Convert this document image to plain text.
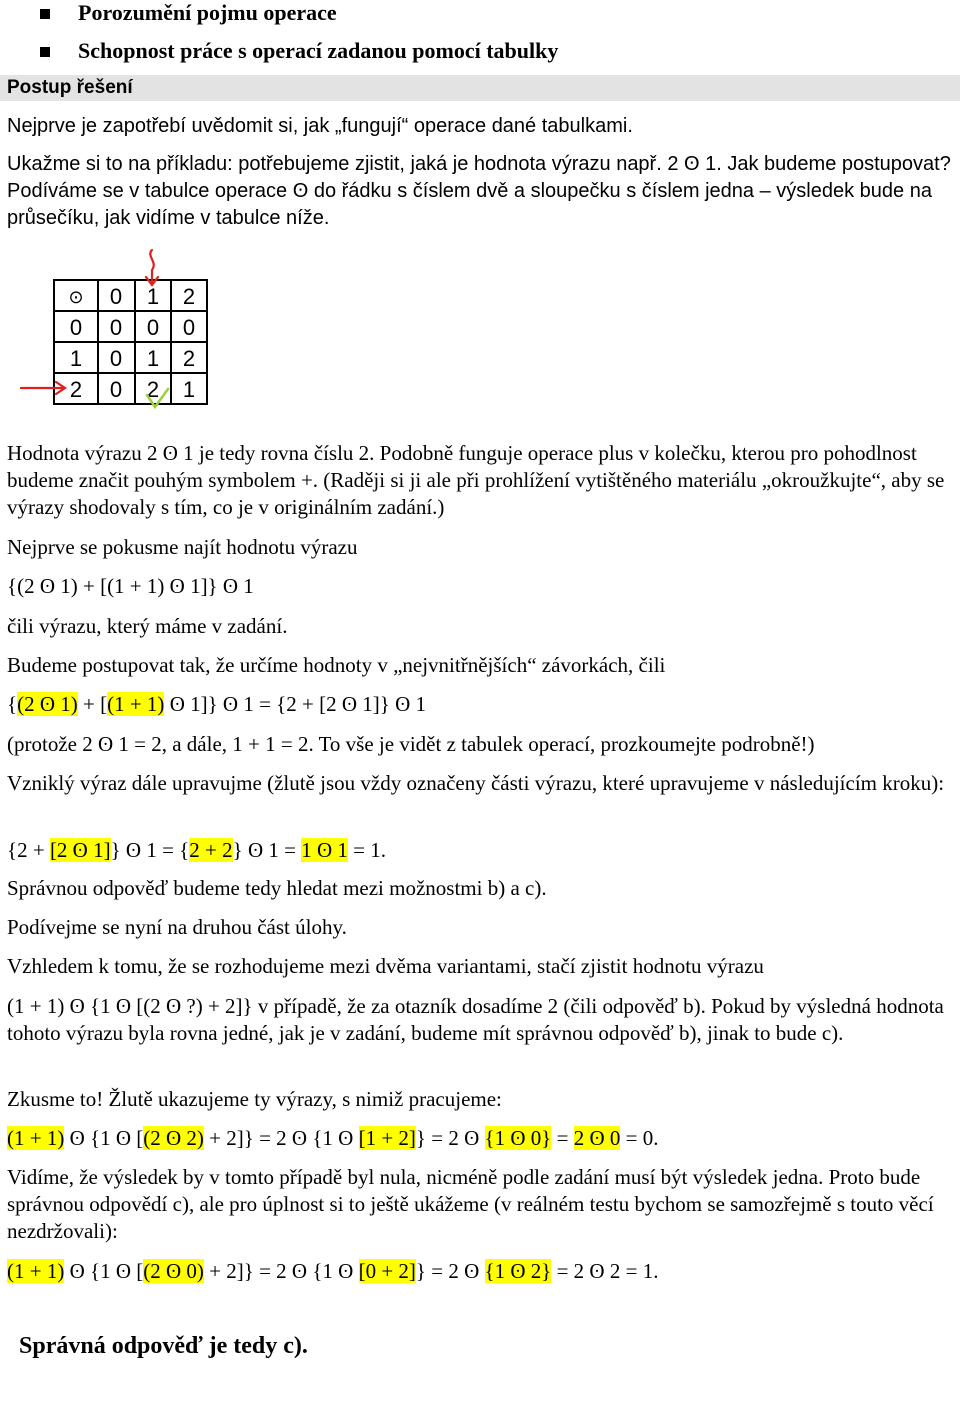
Porozumění pojmu operace
Schopnost práce s operací zadanou pomocí tabulky
Postup řešení
Nejprve je zapotřebí uvědomit si, jak „fungují“ operace dané tabulkami.
Ukažme si to na příkladu: potřebujeme zjistit, jaká je hodnota výrazu např. 2 ʘ 1. Jak budeme postupovat? Podíváme se v tabulce operace ʘ do řádku s číslem dvě a sloupečku s číslem jedna – výsledek bude na průsečíku, jak vidíme v tabulce níže.
⊙ 0 1 2
0 0 0 0
1 0 1 2
2 0 2 1
Hodnota výrazu 2 ʘ 1 je tedy rovna číslu 2. Podobně funguje operace plus v kolečku, kterou pro pohodlnost budeme značit pouhým symbolem +. (Raději si ji ale při prohlížení vytištěného materiálu „okroužkujte“, aby se výrazy shodovaly s tím, co je v originálním zadání.)
Nejprve se pokusme najít hodnotu výrazu
{(2 ʘ 1) + [(1 + 1) ʘ 1]} ʘ 1
čili výrazu, který máme v zadání.
Budeme postupovat tak, že určíme hodnoty v „nejvnitřnějších“ závorkách, čili
{(2 ʘ 1) + [(1 + 1) ʘ 1]} ʘ 1 = {2 + [2 ʘ 1]} ʘ 1
(protože 2 ʘ 1 = 2, a dále, 1 + 1 = 2. To vše je vidět z tabulek operací, prozkoumejte podrobně!)
Vzniklý výraz dále upravujme (žlutě jsou vždy označeny části výrazu, které upravujeme v následujícím kroku):
{2 + [2 ʘ 1]} ʘ 1 = {2 + 2} ʘ 1 = 1 ʘ 1 = 1.
Správnou odpověď budeme tedy hledat mezi možnostmi b) a c).
Podívejme se nyní na druhou část úlohy.
Vzhledem k tomu, že se rozhodujeme mezi dvěma variantami, stačí zjistit hodnotu výrazu
(1 + 1) ʘ {1 ʘ [(2 ʘ ?) + 2]} v případě, že za otazník dosadíme 2 (čili odpověď b). Pokud by výsledná hodnota tohoto výrazu byla rovna jedné, jak je v zadání, budeme mít správnou odpověď b), jinak to bude c).
Zkusme to! Žlutě ukazujeme ty výrazy, s nimiž pracujeme:
(1 + 1) ʘ {1 ʘ [(2 ʘ 2) + 2]} = 2 ʘ {1 ʘ [1 + 2]} = 2 ʘ {1 ʘ 0} = 2 ʘ 0 = 0.
Vidíme, že výsledek by v tomto případě byl nula, nicméně podle zadání musí být výsledek jedna. Proto bude správnou odpovědí c), ale pro úplnost si to ještě ukážeme (v reálném testu bychom se samozřejmě s touto věcí nezdržovali):
(1 + 1) ʘ {1 ʘ [(2 ʘ 0) + 2]} = 2 ʘ {1 ʘ [0 + 2]} = 2 ʘ {1 ʘ 2} = 2 ʘ 2 = 1.
Správná odpověď je tedy c).
